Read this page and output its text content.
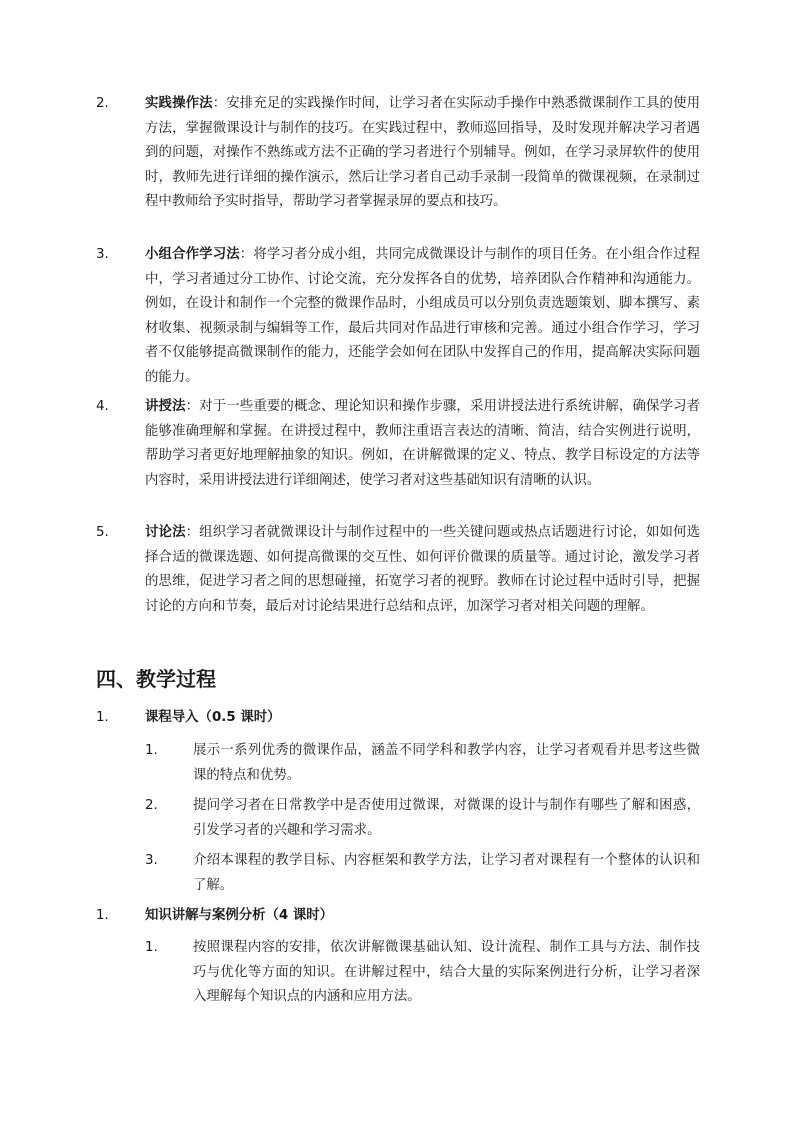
2.	实践操作法：安排充足的实践操作时间，让学习者在实际动手操作中熟悉微课制作工具的使用方法，掌握微课设计与制作的技巧。在实践过程中，教师巡回指导，及时发现并解决学习者遇到的问题，对操作不熟练或方法不正确的学习者进行个别辅导。例如，在学习录屏软件的使用时，教师先进行详细的操作演示，然后让学习者自己动手录制一段简单的微课视频，在录制过程中教师给予实时指导，帮助学习者掌握录屏的要点和技巧。
3.	小组合作学习法：将学习者分成小组，共同完成微课设计与制作的项目任务。在小组合作过程中，学习者通过分工协作、讨论交流，充分发挥各自的优势，培养团队合作精神和沟通能力。例如，在设计和制作一个完整的微课作品时，小组成员可以分别负责选题策划、脚本撰写、素材收集、视频录制与编辑等工作，最后共同对作品进行审核和完善。通过小组合作学习，学习者不仅能够提高微课制作的能力，还能学会如何在团队中发挥自己的作用，提高解决实际问题的能力。
4.	讲授法：对于一些重要的概念、理论知识和操作步骤，采用讲授法进行系统讲解，确保学习者能够准确理解和掌握。在讲授过程中，教师注重语言表达的清晰、简洁，结合实例进行说明，帮助学习者更好地理解抽象的知识。例如，在讲解微课的定义、特点、教学目标设定的方法等内容时，采用讲授法进行详细阐述，使学习者对这些基础知识有清晰的认识。
5.	讨论法：组织学习者就微课设计与制作过程中的一些关键问题或热点话题进行讨论，如如何选择合适的微课选题、如何提高微课的交互性、如何评价微课的质量等。通过讨论，激发学习者的思维，促进学习者之间的思想碰撞，拓宽学习者的视野。教师在讨论过程中适时引导，把握讨论的方向和节奏，最后对讨论结果进行总结和点评，加深学习者对相关问题的理解。
四、教学过程
1.	课程导入（0.5 课时）
1.	展示一系列优秀的微课作品，涵盖不同学科和教学内容，让学习者观看并思考这些微课的特点和优势。
2.	提问学习者在日常教学中是否使用过微课，对微课的设计与制作有哪些了解和困惑，引发学习者的兴趣和学习需求。
3.	介绍本课程的教学目标、内容框架和教学方法，让学习者对课程有一个整体的认识和了解。
1.	知识讲解与案例分析（4 课时）
1.	按照课程内容的安排，依次讲解微课基础认知、设计流程、制作工具与方法、制作技巧与优化等方面的知识。在讲解过程中，结合大量的实际案例进行分析，让学习者深入理解每个知识点的内涵和应用方法。
